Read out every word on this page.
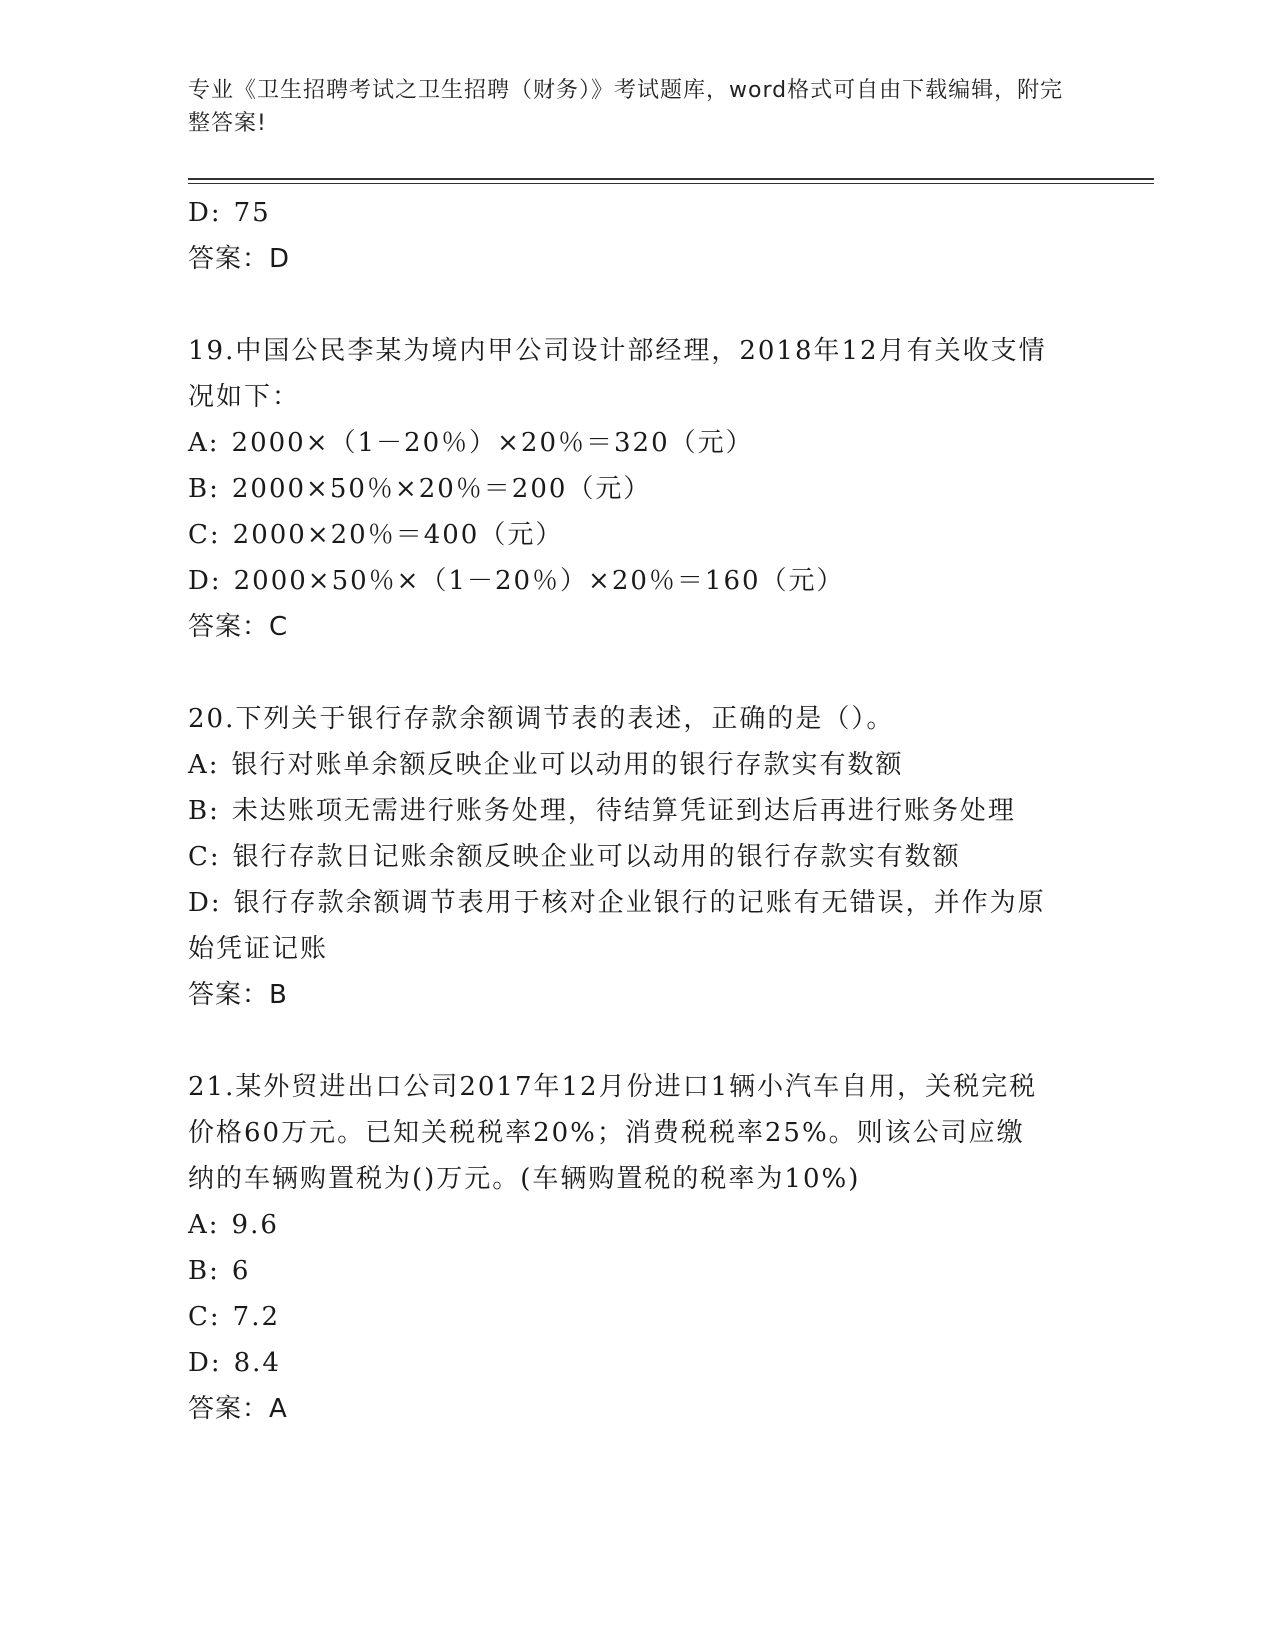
专业《卫生招聘考试之卫生招聘（财务）》考试题库，word格式可自由下载编辑，附完整答案!
D: 75
答案：D
19.中国公民李某为境内甲公司设计部经理，2018年12月有关收支情况如下：
A: 2000×（1－20％）×20％＝320（元）
B: 2000×50％×20％＝200（元）
C: 2000×20％＝400（元）
D: 2000×50％×（1－20％）×20％＝160（元）
答案：C
20.下列关于银行存款余额调节表的表述，正确的是（）。
A: 银行对账单余额反映企业可以动用的银行存款实有数额
B: 未达账项无需进行账务处理，待结算凭证到达后再进行账务处理
C: 银行存款日记账余额反映企业可以动用的银行存款实有数额
D: 银行存款余额调节表用于核对企业银行的记账有无错误，并作为原始凭证记账
答案：B
21.某外贸进出口公司2017年12月份进口1辆小汽车自用，关税完税价格60万元。已知关税税率20%；消费税税率25%。则该公司应缴纳的车辆购置税为()万元。(车辆购置税的税率为10%)
A: 9.6
B: 6
C: 7.2
D: 8.4
答案：A
